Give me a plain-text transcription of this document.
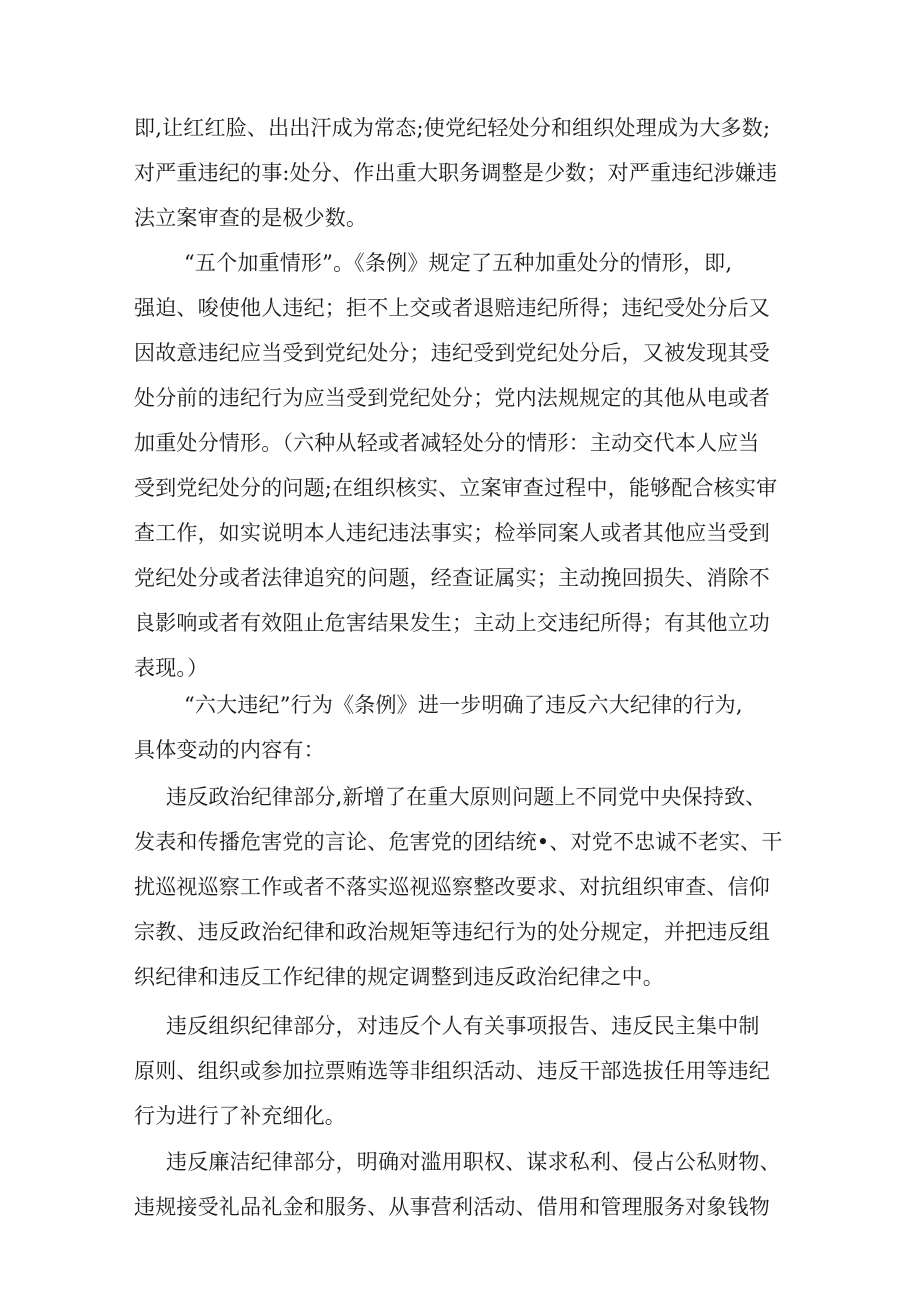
即,让红红脸、出出汗成为常态;使党纪轻处分和组织处理成为大多数;
对严重违纪的事:处分、作出重大职务调整是少数；对严重违纪涉嫌违
法立案审查的是极少数。
“五个加重情形”。《条例》规定了五种加重处分的情形，即,
强迫、唆使他人违纪；拒不上交或者退赔违纪所得；违纪受处分后又
因故意违纪应当受到党纪处分；违纪受到党纪处分后，又被发现其受
处分前的违纪行为应当受到党纪处分；党内法规规定的其他从电或者
加重处分情形。（六种从轻或者减轻处分的情形：主动交代本人应当
受到党纪处分的问题;在组织核实、立案审查过程中，能够配合核实审
查工作，如实说明本人违纪违法事实；检举同案人或者其他应当受到
党纪处分或者法律追究的问题，经查证属实；主动挽回损失、消除不
良影响或者有效阻止危害结果发生；主动上交违纪所得；有其他立功
表现。）
“六大违纪”行为《条例》进一步明确了违反六大纪律的行为,
具体变动的内容有：
违反政治纪律部分,新增了在重大原则问题上不同党中央保持致、
发表和传播危害党的言论、危害党的团结统•、对党不忠诚不老实、干
扰巡视巡察工作或者不落实巡视巡察整改要求、对抗组织审查、信仰
宗教、违反政治纪律和政治规矩等违纪行为的处分规定，并把违反组
织纪律和违反工作纪律的规定调整到违反政治纪律之中。
违反组织纪律部分，对违反个人有关事项报告、违反民主集中制
原则、组织或参加拉票贿选等非组织活动、违反干部选拔任用等违纪
行为进行了补充细化。
违反廉洁纪律部分，明确对滥用职权、谋求私利、侵占公私财物、
违规接受礼品礼金和服务、从事营利活动、借用和管理服务对象钱物
